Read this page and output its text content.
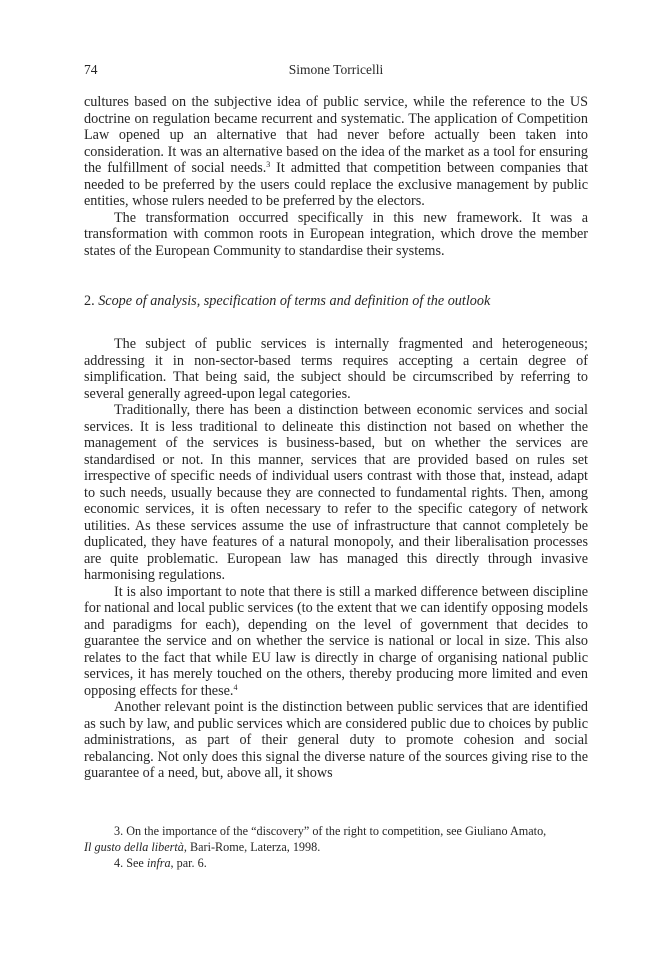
74	Simone Torricelli

cultures based on the subjective idea of public service, while the reference to the US doctrine on regulation became recurrent and systematic. The application of Competition Law opened up an alternative that had never before actually been taken into consideration. It was an alternative based on the idea of the market as a tool for ensuring the fulfillment of social needs.$^3$ It admitted that competition between companies that needed to be preferred by the users could replace the exclusive management by public entities, whose rulers needed to be preferred by the electors.

The transformation occurred specifically in this new framework. It was a transformation with common roots in European integration, which drove the member states of the European Community to standardise their systems.

2. Scope of analysis, specification of terms and definition of the outlook

The subject of public services is internally fragmented and heterogeneous; addressing it in non-sector-based terms requires accepting a certain degree of simplification. That being said, the subject should be circumscribed by referring to several generally agreed-upon legal categories.

Traditionally, there has been a distinction between economic services and social services. It is less traditional to delineate this distinction not based on whether the management of the services is business-based, but on whether the services are standardised or not. In this manner, services that are provided based on rules set irrespective of specific needs of individual users contrast with those that, instead, adapt to such needs, usually because they are connected to fundamental rights. Then, among economic services, it is often necessary to refer to the specific category of network utilities. As these services assume the use of infrastructure that cannot completely be duplicated, they have features of a natural monopoly, and their liberalisation processes are quite problematic. European law has managed this directly through invasive harmonising regulations.

It is also important to note that there is still a marked difference between discipline for national and local public services (to the extent that we can identify opposing models and paradigms for each), depending on the level of government that decides to guarantee the service and on whether the service is national or local in size. This also relates to the fact that while EU law is directly in charge of organising national public services, it has merely touched on the others, thereby producing more limited and even opposing effects for these.$^4$

Another relevant point is the distinction between public services that are identified as such by law, and public services which are considered public due to choices by public administrations, as part of their general duty to promote cohesion and social rebalancing. Not only does this signal the diverse nature of the sources giving rise to the guarantee of a need, but, above all, it shows

3. On the importance of the “discovery” of the right to competition, see Giuliano Amato,
Il gusto della libertà, Bari-Rome, Laterza, 1998.

4. See infra, par. 6.
